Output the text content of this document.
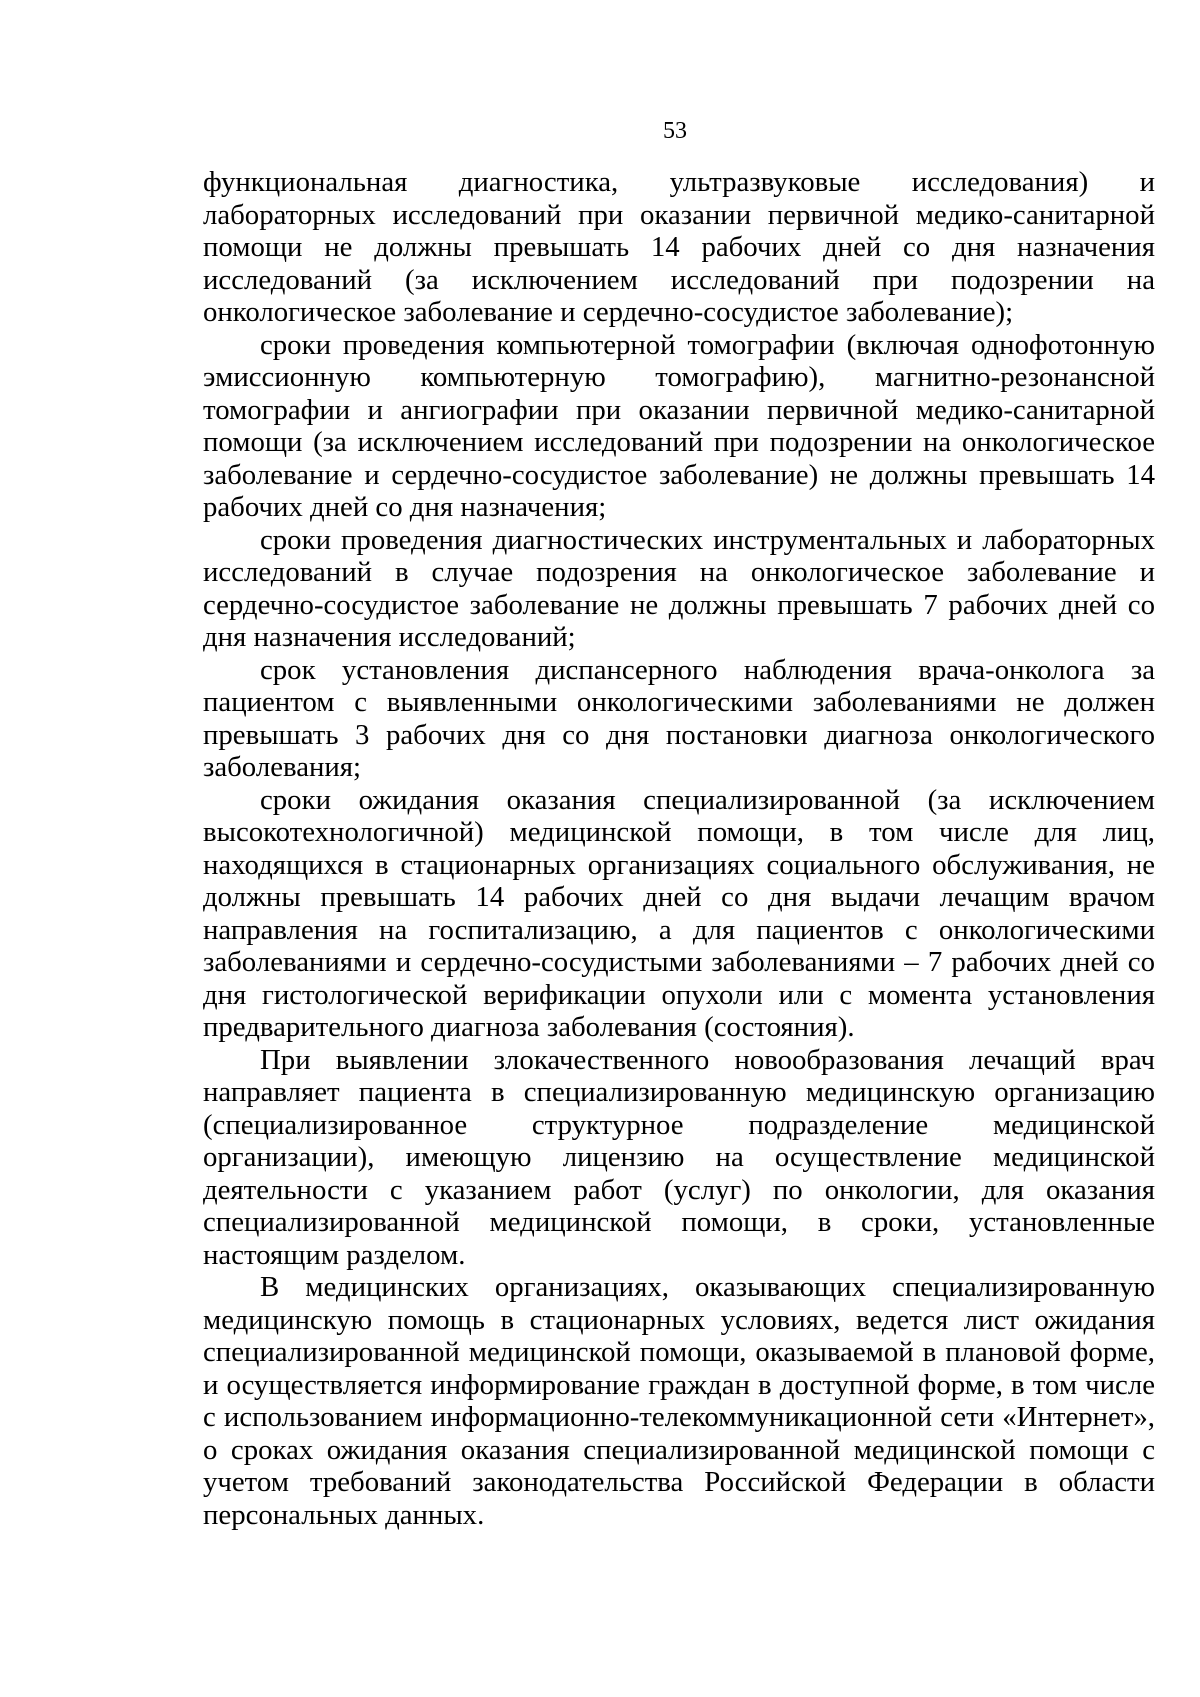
53

функциональная диагностика, ультразвуковые исследования) и лабораторных исследований при оказании первичной медико-санитарной помощи не должны превышать 14 рабочих дней со дня назначения исследований (за исключением исследований при подозрении на онкологическое заболевание и сердечно-сосудистое заболевание);

сроки проведения компьютерной томографии (включая однофотонную эмиссионную компьютерную томографию), магнитно-резонансной томографии и ангиографии при оказании первичной медико-санитарной помощи (за исключением исследований при подозрении на онкологическое заболевание и сердечно-сосудистое заболевание) не должны превышать 14 рабочих дней со дня назначения;

сроки проведения диагностических инструментальных и лабораторных исследований в случае подозрения на онкологическое заболевание и сердечно-сосудистое заболевание не должны превышать 7 рабочих дней со дня назначения исследований;

срок установления диспансерного наблюдения врача-онколога за пациентом с выявленными онкологическими заболеваниями не должен превышать 3 рабочих дня со дня постановки диагноза онкологического заболевания;

сроки ожидания оказания специализированной (за исключением высокотехнологичной) медицинской помощи, в том числе для лиц, находящихся в стационарных организациях социального обслуживания, не должны превышать 14 рабочих дней со дня выдачи лечащим врачом направления на госпитализацию, а для пациентов с онкологическими заболеваниями и сердечно-сосудистыми заболеваниями – 7 рабочих дней со дня гистологической верификации опухоли или с момента установления предварительного диагноза заболевания (состояния).

При выявлении злокачественного новообразования лечащий врач направляет пациента в специализированную медицинскую организацию (специализированное структурное подразделение медицинской организации), имеющую лицензию на осуществление медицинской деятельности с указанием работ (услуг) по онкологии, для оказания специализированной медицинской помощи, в сроки, установленные настоящим разделом.

В медицинских организациях, оказывающих специализированную медицинскую помощь в стационарных условиях, ведется лист ожидания специализированной медицинской помощи, оказываемой в плановой форме, и осуществляется информирование граждан в доступной форме, в том числе с использованием информационно-телекоммуникационной сети «Интернет», о сроках ожидания оказания специализированной медицинской помощи с учетом требований законодательства Российской Федерации в области персональных данных.
